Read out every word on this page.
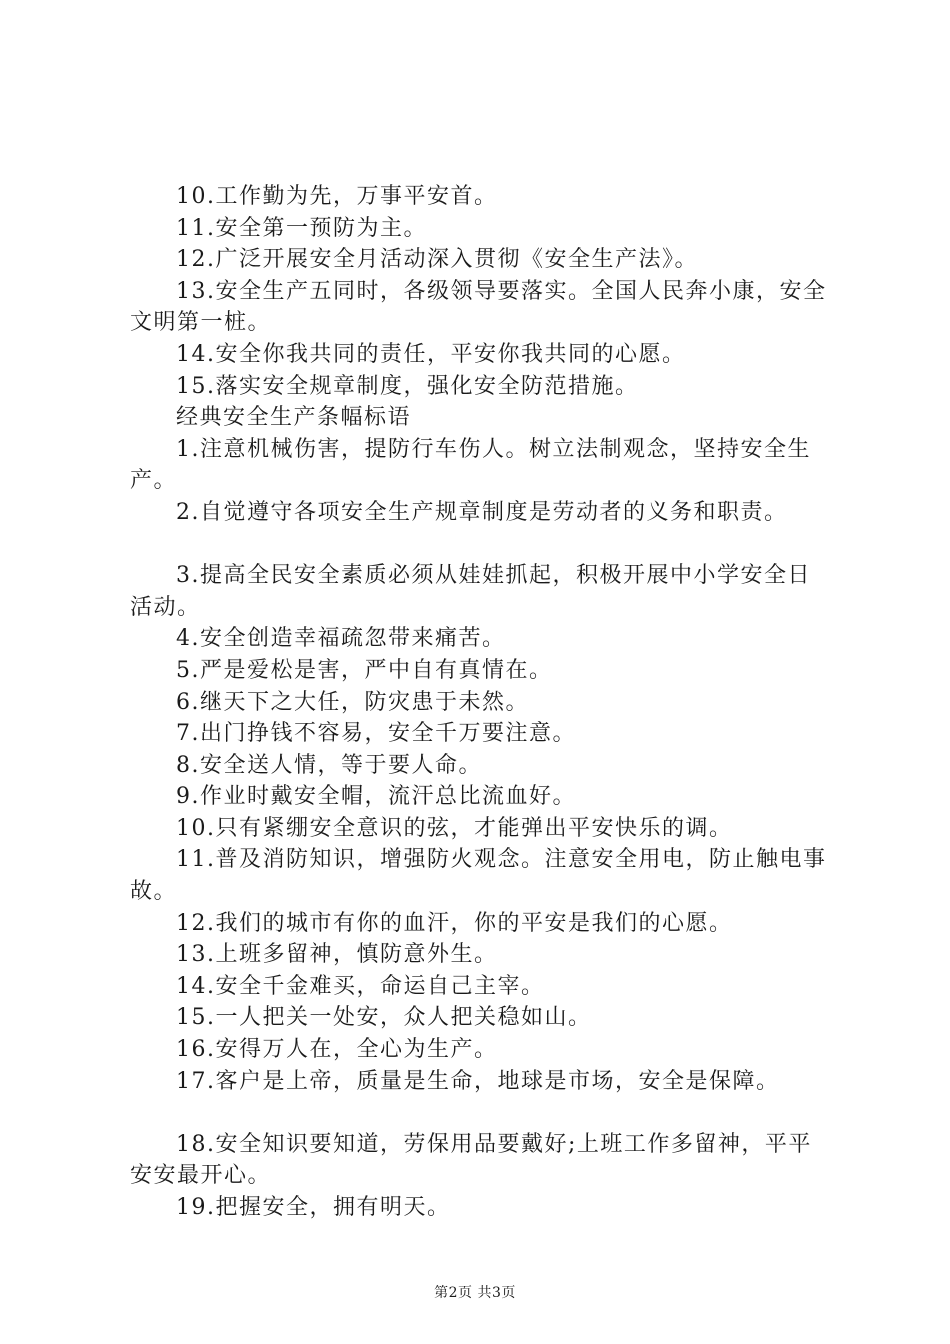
10.工作勤为先，万事平安首。

11.安全第一预防为主。

12.广泛开展安全月活动深入贯彻《安全生产法》。

13.安全生产五同时，各级领导要落实。全国人民奔小康，安全文明第一桩。

14.安全你我共同的责任，平安你我共同的心愿。

15.落实安全规章制度，强化安全防范措施。

经典安全生产条幅标语

1.注意机械伤害，提防行车伤人。树立法制观念，坚持安全生产。

2.自觉遵守各项安全生产规章制度是劳动者的义务和职责。

3.提高全民安全素质必须从娃娃抓起，积极开展中小学安全日活动。

4.安全创造幸福疏忽带来痛苦。

5.严是爱松是害，严中自有真情在。

6.继天下之大任，防灾患于未然。

7.出门挣钱不容易，安全千万要注意。

8.安全送人情，等于要人命。

9.作业时戴安全帽，流汗总比流血好。

10.只有紧绷安全意识的弦，才能弹出平安快乐的调。

11.普及消防知识，增强防火观念。注意安全用电，防止触电事故。

12.我们的城市有你的血汗，你的平安是我们的心愿。

13.上班多留神，慎防意外生。

14.安全千金难买，命运自己主宰。

15.一人把关一处安，众人把关稳如山。

16.安得万人在，全心为生产。

17.客户是上帝，质量是生命，地球是市场，安全是保障。

18.安全知识要知道，劳保用品要戴好;上班工作多留神，平平安安最开心。

19.把握安全，拥有明天。

第2页 共3页
